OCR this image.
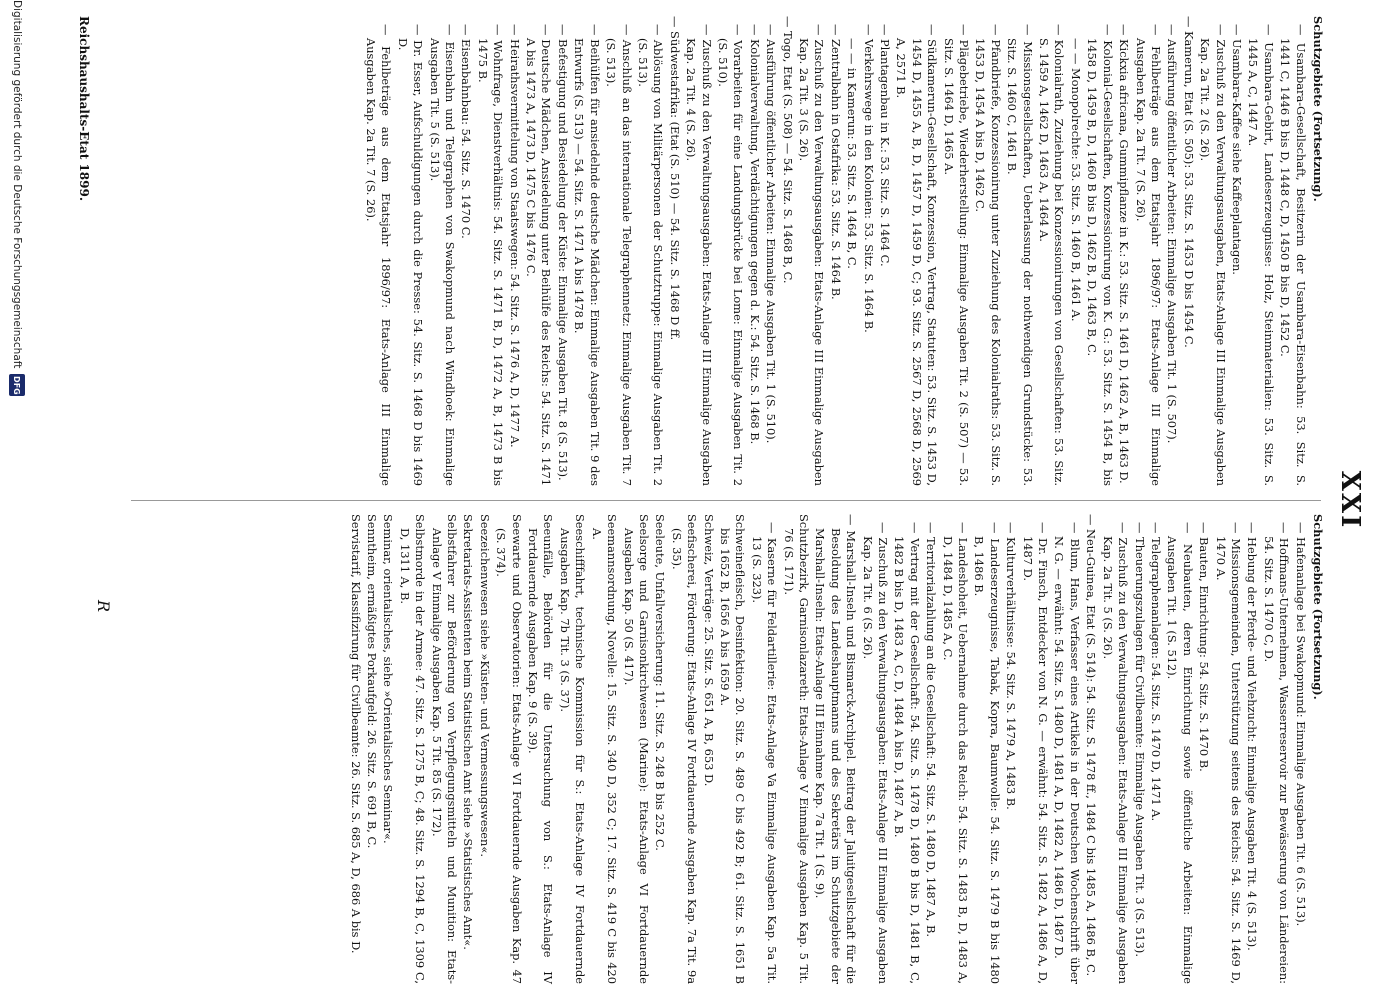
XXI
Schutzgebiete (Fortsetzung).
— Usambara-Gesellschaft, Besitzerin der Usambara-Eisenbahn: 53. Sitz. S. 1441 C, 1446 B bis D, 1448 C, D, 1450 B bis D, 1452 C.
— Usambara-Gebirt, Landeserzeugnisse: Holz, Steinmaterialien: 53. Sitz. S. 1445 A, C, 1447 A.
— Usambara-Kaffee siehe Kaffeeplantagen.
— Zuschuß zu den Verwaltungsausgaben, Etats-Anlage III Einmalige Ausgaben Kap. 2a Tit. 2 (S. 26).
— Kamerun, Etat (S. 505): 53. Sitz. S. 1453 D bis 1454 C.
— Ausführung öffentlicher Arbeiten: Einmalige Ausgaben Tit. 1 (S. 507).
— Fehlbeträge aus dem Etatsjahr 1896/97: Etats-Anlage III Einmalige Ausgaben Kap. 2a Tit. 7 (S. 26).
— Kickxia africana, Gummipflanze in K.: 53. Sitz. S. 1461 D, 1462 A, B, 1463 D.
— Kolonial-Gesellschaften, Konzessionirung von K. G.: 53. Sitz. S. 1454 B, bis 1458 D, 1459 B, D, 1460 B bis D, 1462 B, D, 1463 B, C.
— — Monopolrechte: 53. Sitz. S. 1460 B, 1461 A.
— Kolonialrath, Zuziehung bei Konzessionirungen von Gesellschaften: 53. Sitz. S. 1459 A, 1462 D, 1463 A, 1464 A.
— Missionsgesellschaften, Ueberlassung der nothwendigen Grundstücke: 53. Sitz. S. 1460 C, 1461 B.
— Pfandbriefe, Konzessionirung unter Zuziehung des Kolonialraths: 53. Sitz. S. 1453 D, 1454 A bis D, 1462 C.
— Plägebetriebe, Wiederherstellung: Einmalige Ausgaben Tit. 2 (S. 507) — 53. Sitz. S. 1464 D, 1465 A.
— Südkamerun-Gesellschaft, Konzession, Vertrag, Statuten: 53. Sitz. S. 1453 D, 1454 D, 1455 A, B, D, 1457 D, 1459 D, C; 93. Sitz. S. 2567 D, 2568 D, 2569 A, 2571 B.
— Plantagenbau in K.: 53. Sitz. S. 1464 C.
— Verkehrswege in den Kolonien: 53. Sitz. S. 1464 B.
— — in Kamerun: 53. Sitz. S. 1464 B, C.
— Zentralbahn in Ostafrika: 53. Sitz. S. 1464 B.
— Zuschuß zu den Verwaltungsausgaben: Etats-Anlage III Einmalige Ausgaben Kap. 2a Tit. 3 (S. 26).
— Togo, Etat (S. 508) — 54. Sitz. S. 1468 B, C.
— Ausführung öffentlicher Arbeiten: Einmalige Ausgaben Tit. 1 (S. 510).
— Kolonialverwaltung, Verdächtigungen gegen d. K.: 54. Sitz. S. 1468 B.
— Vorarbeiten für eine Landungsbrücke bei Lome: Einmalige Ausgaben Tit. 2 (S. 510).
— Zuschuß zu den Verwaltungsausgaben: Etats-Anlage III Einmalige Ausgaben Kap. 2a Tit. 4 (S. 26).
— Südwestafrika: (Etat (S. 510) — 54. Sitz. S. 1468 D ff.
— Ablösung von Militärpersonen der Schutztruppe: Einmalige Ausgaben Tit. 2 (S. 513).
— Anschluß an das internationale Telegraphennetz: Einmalige Ausgaben Tit. 7 (S. 513).
— Beihülfen für ansiedelnde deutsche Mädchen: Einmalige Ausgaben Tit. 9 des Entwurfs (S. 513) — 54. Sitz. S. 1471 A bis 1478 B.
— Befestigung und Besiedelung der Küste: Einmalige Ausgaben Tit. 8 (S. 513).
— Deutsche Mädchen, Ansiedelung unter Beihülfe des Reichs: 54. Sitz. S. 1471 A bis 1473 A, 1473 D, 1475 C bis 1476 C.
— Heirathsvermittelung von Staatswegen: 54. Sitz. S. 1476 A, D, 1477 A.
— Wohnfrage, Dienstverhältnis: 54. Sitz. S. 1471 B, D, 1472 A, B, 1473 B bis 1475 B.
— Eisenbahnbau: 54. Sitz. S. 1470 C.
— Eisenbahn und Telegraphen von Swakopmund nach Windhoek: Einmalige Ausgaben Tit. 5 (S. 513).
— Dr. Esser, Aufschuldigungen durch die Presse: 54. Sitz. S. 1468 D bis 1469 D.
— Fehlbeträge aus dem Etatsjahr 1896/97: Etats-Anlage III Einmalige Ausgaben Kap. 2a Tit. 7 (S. 26).
Schutzgebiete (Fortsetzung).
— Hafenanlage bei Swakopmund: Einmalige Ausgaben Tit. 6 (S. 513).
— Hoffmans-Unternehmen, Wasserreservoir zur Bewässerung von Ländereien: 54. Sitz. S. 1470 C, D.
— Hebung der Pferde- und Viehzucht: Einmalige Ausgaben Tit. 4 (S. 513).
— Missionsgemeinden, Unterstützung seitens des Reichs: 54. Sitz. S. 1469 D, 1470 A.
— Bauten, Einrichtung: 54. Sitz. S. 1470 B.
— Neubauten, deren Einrichtung sowie öffentliche Arbeiten: Einmalige Ausgaben Tit. 1 (S. 512).
— Telegraphenanlagen: 54. Sitz. S. 1470 D, 1471 A.
— Theuerungszulagen für Civilbeamte: Einmalige Ausgaben Tit. 3 (S. 513).
— Zuschuß zu den Verwaltungsausgaben: Etats-Anlage III Einmalige Ausgaben Kap. 2a Tit. 5 (S. 26).
— Neu-Guinea, Etat (S. 514): 54. Sitz. S. 1478 ff., 1484 C bis 1485 A, 1486 B, C.
— Blum, Hans, Verfasser eines Artikels in der Deutschen Wochenschrift über N. G. — erwähnt: 54. Sitz. S. 1480 D, 1481 A, D, 1482 A, 1486 D, 1487 D.
— Dr. Finsch, Entdecker von N. G. — erwähnt: 54. Sitz. S. 1482 A, 1486 A, D, 1487 D.
— Kulturverhältnisse: 54. Sitz. S. 1479 A, 1483 B.
— Landeserzeugnisse, Tabak, Kopra, Baumwolle: 54. Sitz. S. 1479 B bis 1480 B, 1486 B.
— Landeshoheit, Uebernahme durch das Reich: 54. Sitz. S. 1483 B, D, 1483 A, D, 1484 D, 1485 A, C.
— Territorialzahlung an die Gesellschaft: 54. Sitz. S. 1480 D, 1487 A, B.
— Vertrag mit der Gesellschaft: 54. Sitz. S. 1478 D, 1480 B bis D, 1481 B, C, 1482 B bis D, 1483 A, C, D, 1484 A bis D, 1487 A, B.
— Zuschuß zu den Verwaltungsausgaben: Etats-Anlage III Einmalige Ausgaben Kap. 2a Tit. 6 (S. 26).
— Marshall-Inseln und Bismarck-Archipel. Beitrag der Jaluitgesellschaft für die Besoldung des Landeshauptmanns und des Sekretärs im Schutzgebiete der Marshall-Inseln: Etats-Anlage III Einnahme Kap. 7a Tit. 1 (S. 9).
Schutzbezirk, Garnisonlazareth: Etats-Anlage V Einmalige Ausgaben Kap. 5 Tit. 76 (S. 171).
— Kaserne für Feldartillerie: Etats-Anlage Va Einmalige Ausgaben Kap. 5a Tit. 13 (S. 323).
Schweinefleisch, Desinfektion: 20. Sitz. S. 489 C bis 492 B; 61. Sitz. S. 1651 B bis 1652 B, 1656 A bis 1659 A.
Schweiz, Verträge: 25. Sitz. S. 651 A, B, 653 D.
Seefischerei, Förderung: Etats-Anlage IV Fortdauernde Ausgaben Kap. 7a Tit. 9a (S. 35).
Seeleute, Unfallversicherung: 11. Sitz. S. 248 B bis 252 C.
Seelsorge und Garnisonkirchwesen (Marine): Etats-Anlage VI Fortdauernde Ausgaben Kap. 50 (S. 417).
Seemannsordnung, Novelle: 15. Sitz. S. 340 D, 352 C; 17. Sitz. S. 419 C bis 420 A.
Seeschifffahrt, technische Kommission für S.: Etats-Anlage IV Fortdauernde Ausgaben Kap. 7b Tit. 3 (S. 37).
Seeunfälle, Behörden für die Untersuchung von S.: Etats-Anlage IV Fortdauernde Ausgaben Kap. 9 (S. 39).
Seewarte und Observatorien: Etats-Anlage VI Fortdauernde Ausgaben Kap. 47 (S. 374).
Seezeichenwesen siehe »Küsten- und Vermessungswesen«.
Sekretariats-Assistenten beim Statistischen Amt siehe »Statistisches Amt«.
Selbstfahrer zur Beförderung von Verpflegungsmitteln und Munition: Etats-Anlage V Einmalige Ausgaben Kap. 5 Tit. 85 (S. 172).
Selbstmorde in der Armee: 47. Sitz. S. 1275 B, C; 48. Sitz. S. 1294 B, C, 1309 C, D, 1311 A, B.
Seminar, orientalisches, siehe »Orientalisches Seminar«.
Senntheim, ermäßigtes Porkaufgeld: 26. Sitz. S. 691 B, C.
Servistarif, Klassifizirung für Civilbeamte: 26. Sitz. S. 685 A, D, 686 A bis D.
Reichshaushalts-Etat 1899.
R
Digitalisierung gefördert durch die Deutsche Forschungsgemeinschaft
DFG
